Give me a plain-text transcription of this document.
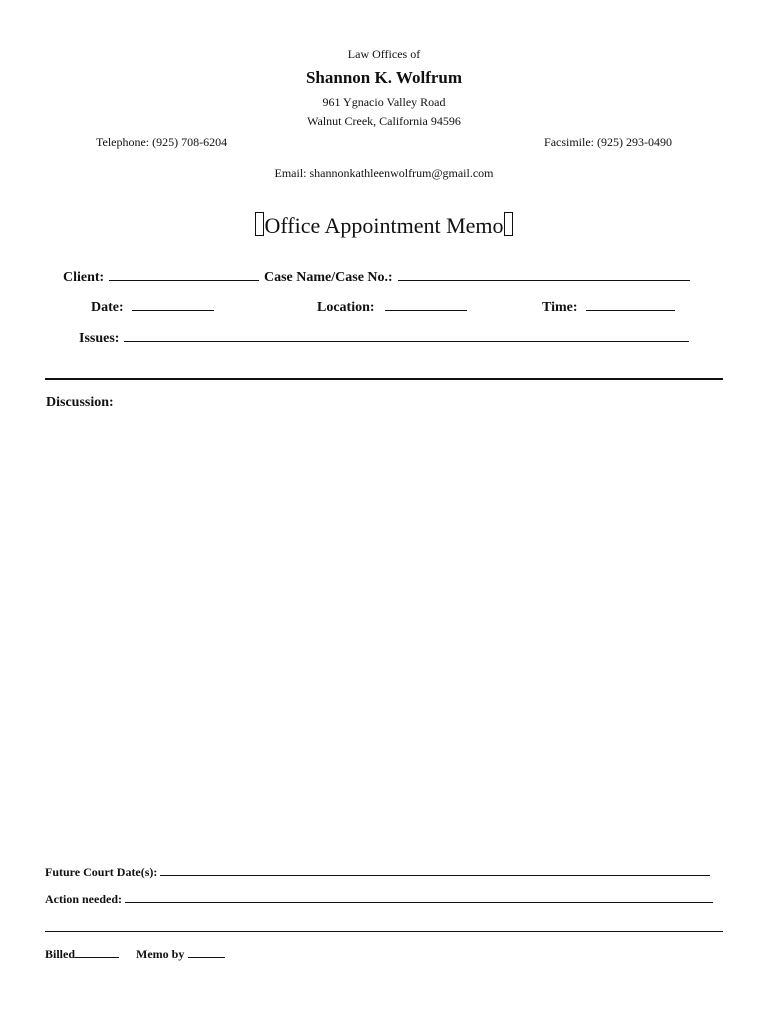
Law Offices of
Shannon K. Wolfrum
961 Ygnacio Valley Road
Walnut Creek, California 94596
Telephone: (925) 708-6204	Facsimile: (925) 293-0490
Email: shannonkathleenwolfrum@gmail.com
Office Appointment Memo
Client:	Case Name/Case No.:
Date:	Location:	Time:
Issues:
Discussion:
Future Court Date(s):
Action needed:
Billed	Memo by
